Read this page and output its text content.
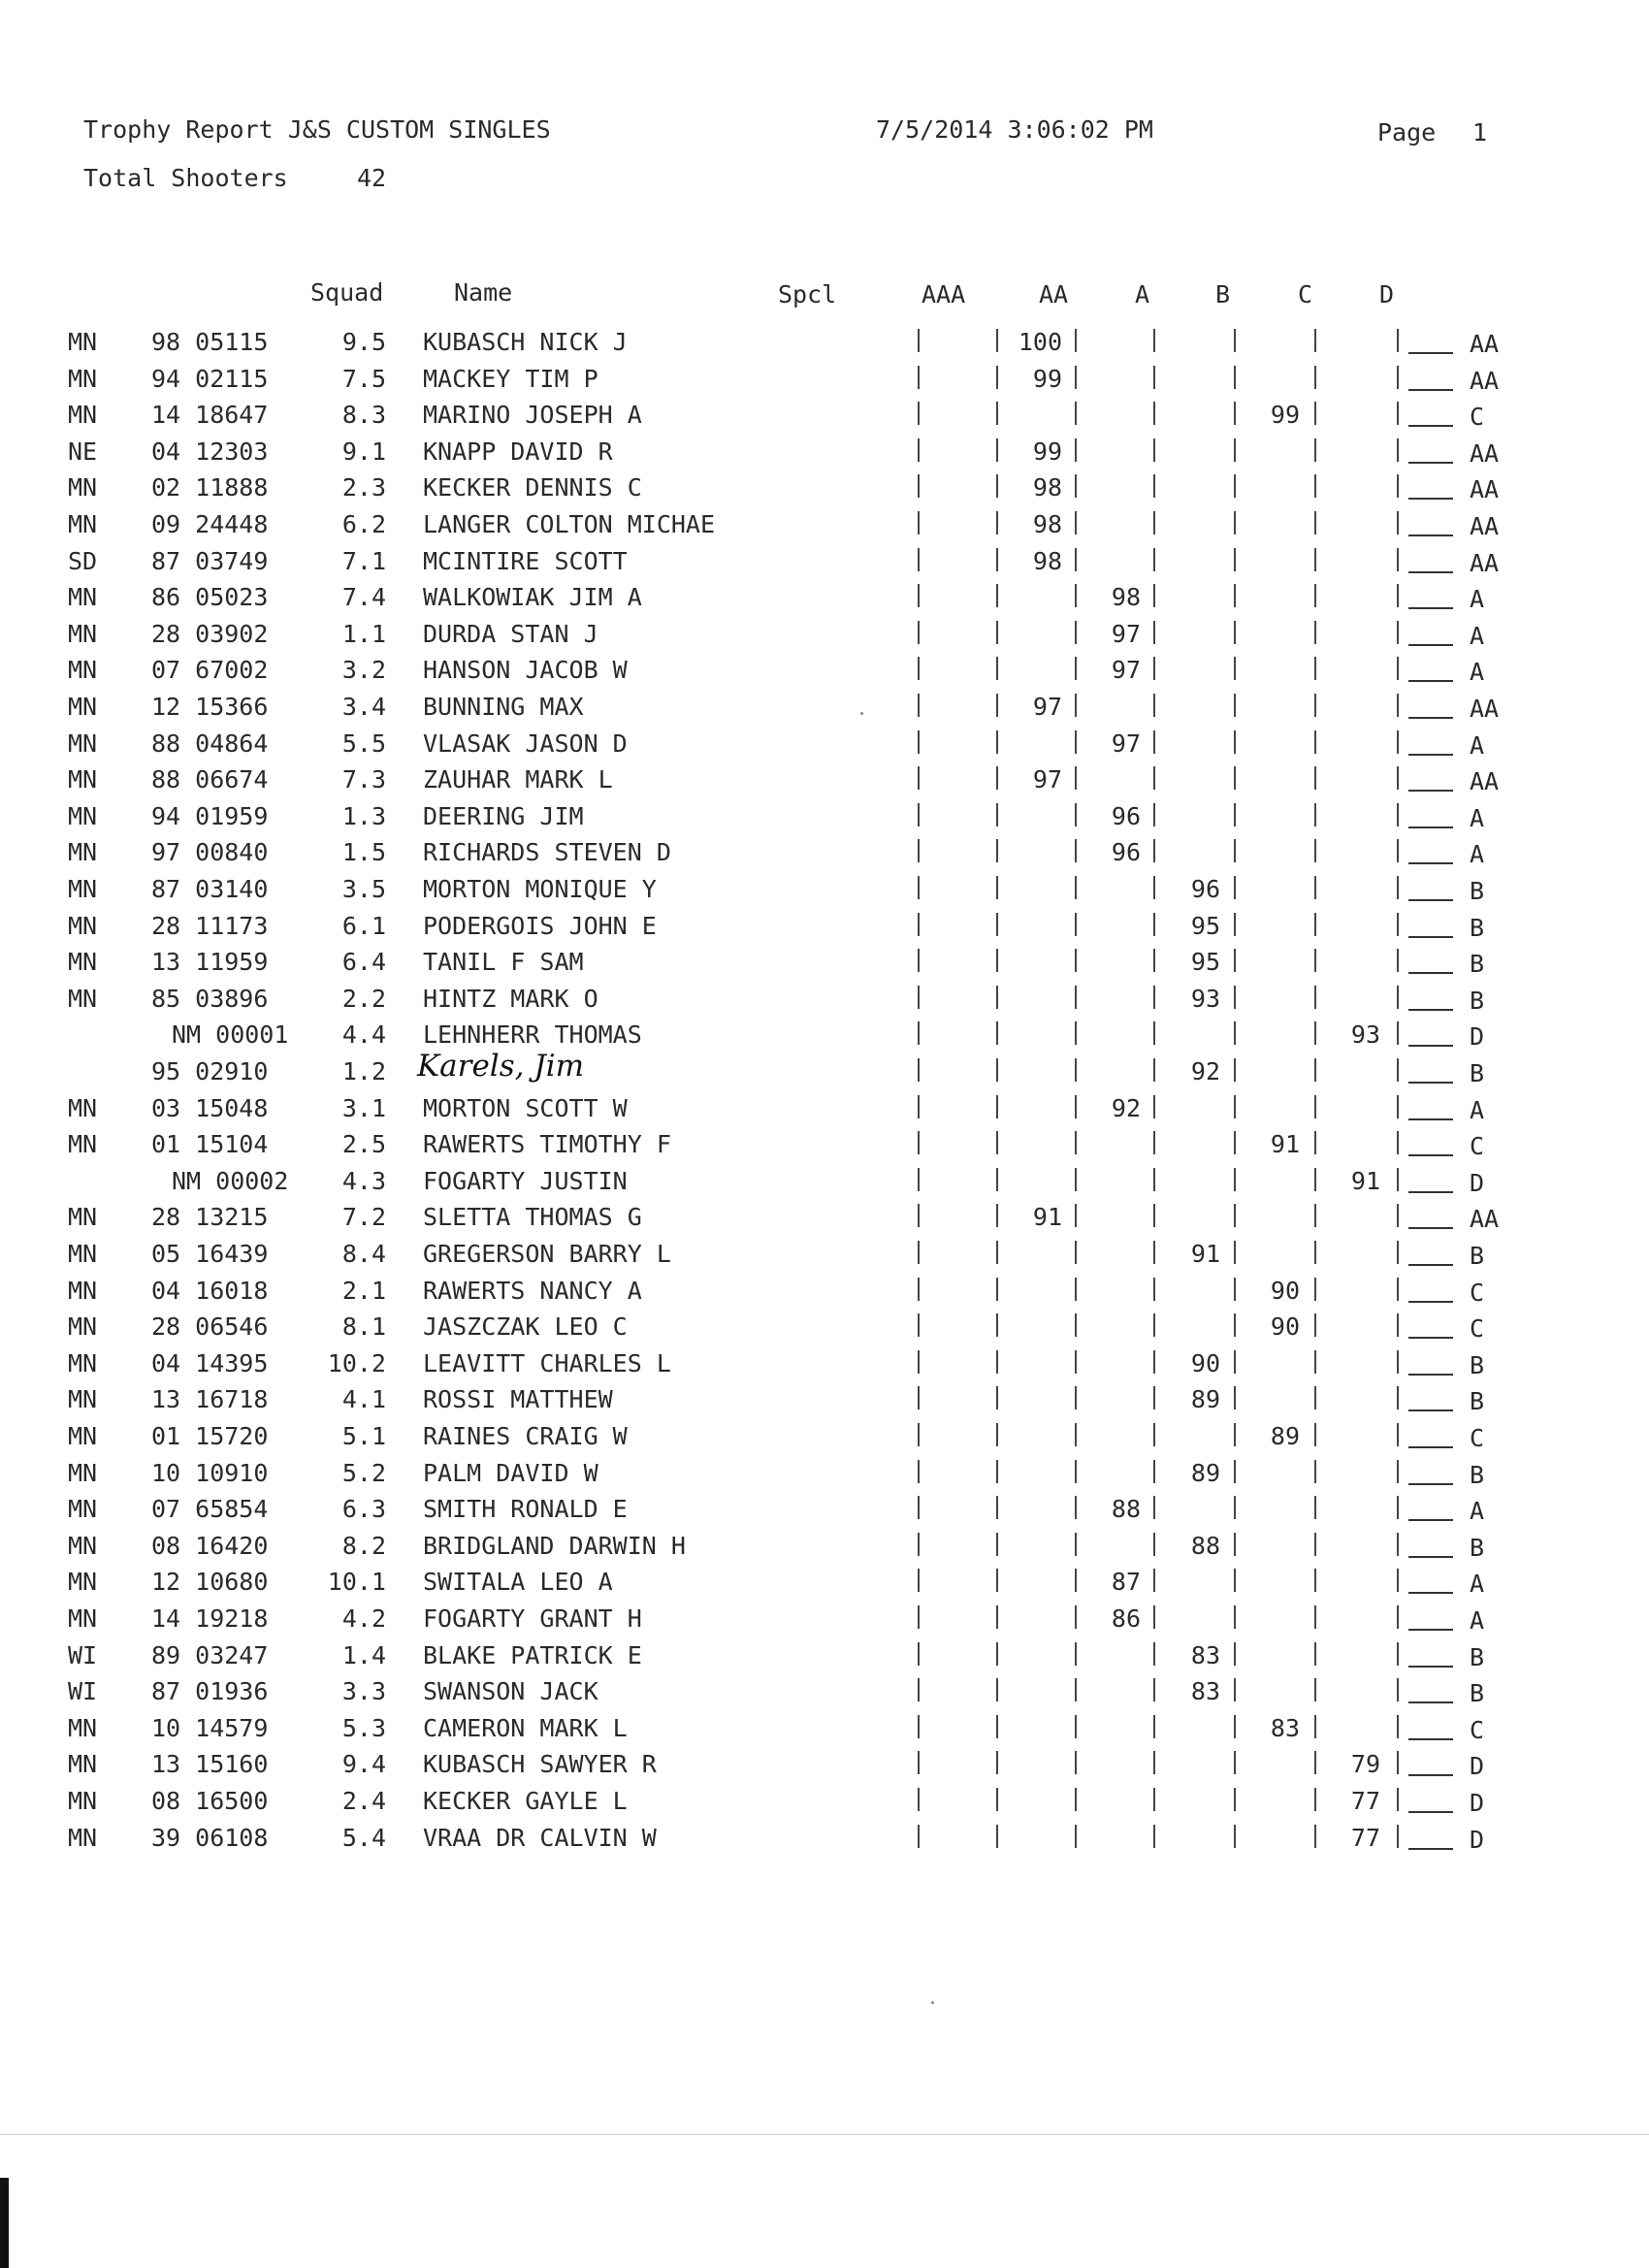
Trophy Report J&S CUSTOM SINGLES	7/5/2014 3:06:02 PM	Page 1
Total Shooters	42
Squad	Name	Spcl	AAA	AA	A	B	C	D
MN 98 05115	9.5 KUBASCH NICK J	100	AA
MN 94 02115	7.5 MACKEY TIM P	99	AA
MN 14 18647	8.3 MARINO JOSEPH A	99	C
NE 04 12303	9.1 KNAPP DAVID R	99	AA
MN 02 11888	2.3 KECKER DENNIS C	98	AA
MN 09 24448	6.2 LANGER COLTON MICHAE	98	AA
SD 87 03749	7.1 MCINTIRE SCOTT	98	AA
MN 86 05023	7.4 WALKOWIAK JIM A	98	A
MN 28 03902	1.1 DURDA STAN J	97	A
MN 07 67002	3.2 HANSON JACOB W	97	A
MN 12 15366	3.4 BUNNING MAX	97	AA
MN 88 04864	5.5 VLASAK JASON D	97	A
MN 88 06674	7.3 ZAUHAR MARK L	97	AA
MN 94 01959	1.3 DEERING JIM	96	A
MN 97 00840	1.5 RICHARDS STEVEN D	96	A
MN 87 03140	3.5 MORTON MONIQUE Y	96	B
MN 28 11173	6.1 PODERGOIS JOHN E	95	B
MN 13 11959	6.4 TANIL F SAM	95	B
MN 85 03896	2.2 HINTZ MARK O	93	B
NM 00001 4.4 LEHNHERR THOMAS	93	D
95 02910	1.2 Karels, Jim	92	B
MN 03 15048	3.1 MORTON SCOTT W	92	A
MN 01 15104	2.5 RAWERTS TIMOTHY F	91	C
NM 00002 4.3 FOGARTY JUSTIN	91	D
MN 28 13215	7.2 SLETTA THOMAS G	91	AA
MN 05 16439	8.4 GREGERSON BARRY L	91	B
MN 04 16018	2.1 RAWERTS NANCY A	90	C
MN 28 06546	8.1 JASZCZAK LEO C	90	C
MN 04 14395 10.2 LEAVITT CHARLES L	90	B
MN 13 16718	4.1 ROSSI MATTHEW	89	B
MN 01 15720	5.1 RAINES CRAIG W	89	C
MN 10 10910	5.2 PALM DAVID W	89	B
MN 07 65854	6.3 SMITH RONALD E	88	A
MN 08 16420	8.2 BRIDGLAND DARWIN H	88	B
MN 12 10680 10.1 SWITALA LEO A	87	A
MN 14 19218	4.2 FOGARTY GRANT H	86	A
WI 89 03247	1.4 BLAKE PATRICK E	83	B
WI 87 01936	3.3 SWANSON JACK	83	B
MN 10 14579	5.3 CAMERON MARK L	83	C
MN 13 15160	9.4 KUBASCH SAWYER R	79	D
MN 08 16500	2.4 KECKER GAYLE L	77	D
MN 39 06108	5.4 VRAA DR CALVIN W	77	D
